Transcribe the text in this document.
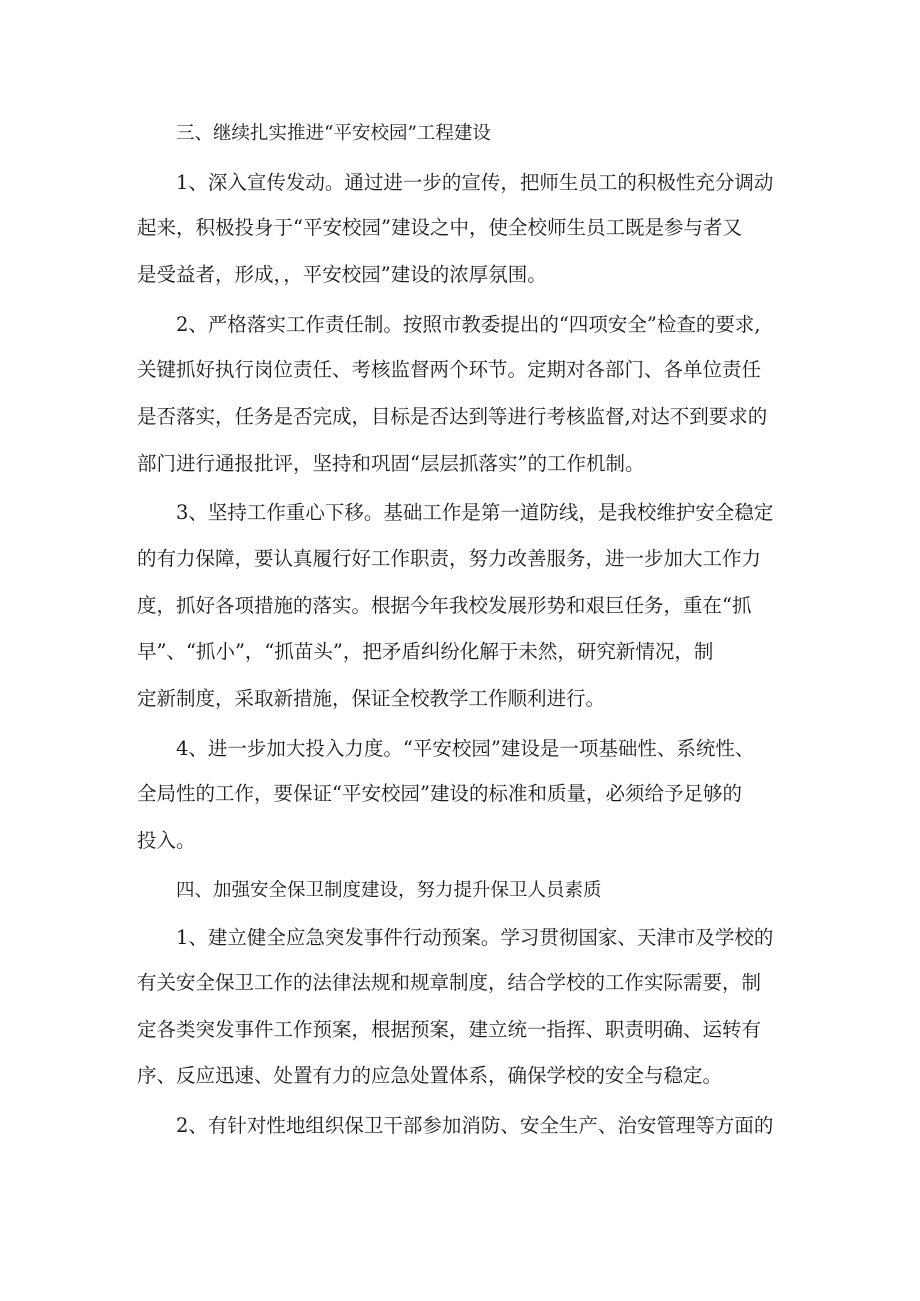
三、继续扎实推进“平安校园”工程建设
1、深入宣传发动。通过进一步的宣传，把师生员工的积极性充分调动
起来，积极投身于“平安校园”建设之中，使全校师生员工既是参与者又
是受益者，形成，，平安校园”建设的浓厚氛围。
2、严格落实工作责任制。按照市教委提出的“四项安全”检查的要求,
关键抓好执行岗位责任、考核监督两个环节。定期对各部门、各单位责任
是否落实，任务是否完成，目标是否达到等进行考核监督,对达不到要求的
部门进行通报批评，坚持和巩固“层层抓落实”的工作机制。
3、坚持工作重心下移。基础工作是第一道防线，是我校维护安全稳定
的有力保障，要认真履行好工作职责，努力改善服务，进一步加大工作力
度，抓好各项措施的落实。根据今年我校发展形势和艰巨任务，重在“抓
早”、“抓小”，“抓苗头”，把矛盾纠纷化解于未然，研究新情况，制
定新制度，采取新措施，保证全校教学工作顺利进行。
4、进一步加大投入力度。“平安校园”建设是一项基础性、系统性、
全局性的工作，要保证“平安校园”建设的标准和质量，必须给予足够的
投入。
四、加强安全保卫制度建设，努力提升保卫人员素质
1、建立健全应急突发事件行动预案。学习贯彻国家、天津市及学校的
有关安全保卫工作的法律法规和规章制度，结合学校的工作实际需要，制
定各类突发事件工作预案，根据预案，建立统一指挥、职责明确、运转有
序、反应迅速、处置有力的应急处置体系，确保学校的安全与稳定。
2、有针对性地组织保卫干部参加消防、安全生产、治安管理等方面的
